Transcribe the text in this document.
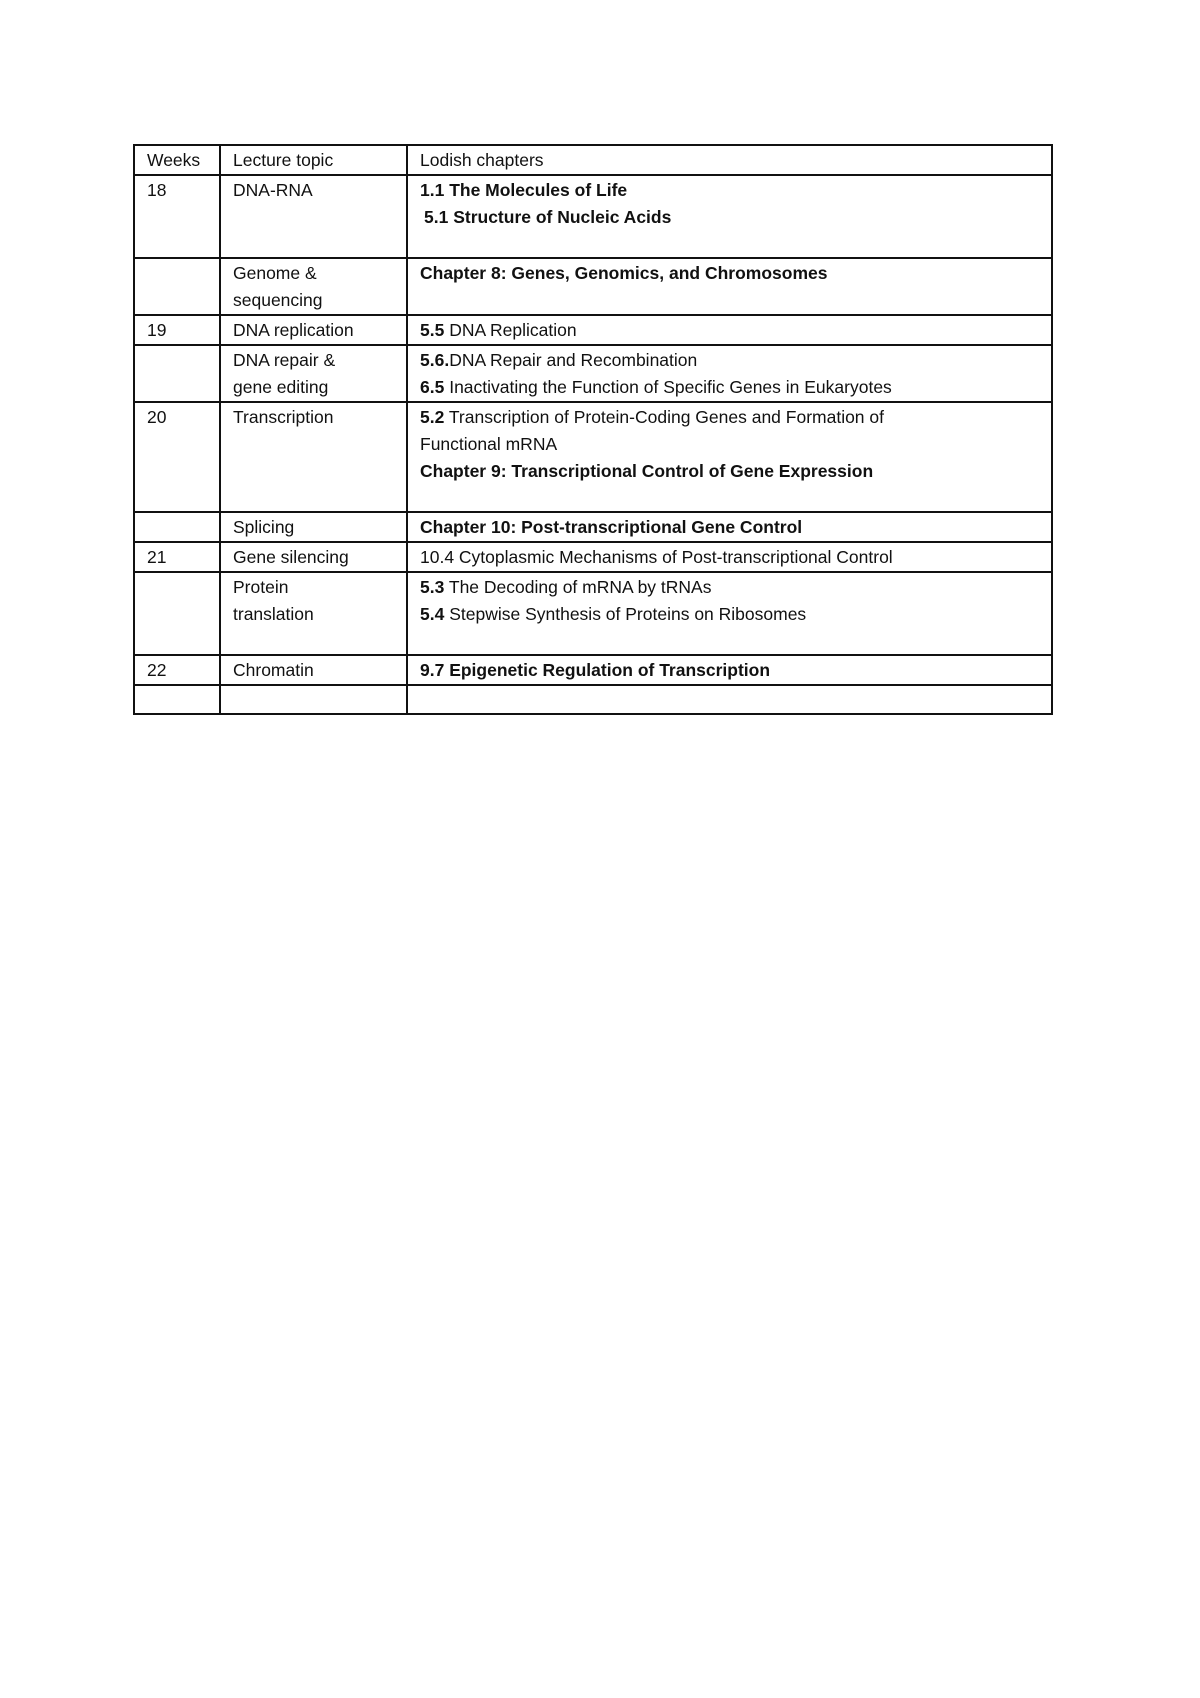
Weeks	Lecture topic	Lodish chapters
18	DNA-RNA	1.1 The Molecules of Life
5.1 Structure of Nucleic Acids

	Genome &
sequencing	Chapter 8: Genes, Genomics, and Chromosomes

19	DNA replication	5.5 DNA Replication

	DNA repair &
gene editing	5.6.DNA Repair and Recombination
6.5 Inactivating the Function of Specific Genes in Eukaryotes

20	Transcription	5.2 Transcription of Protein-Coding Genes and Formation of
Functional mRNA
Chapter 9: Transcriptional Control of Gene Expression

	Splicing	Chapter 10: Post-transcriptional Gene Control

21	Gene silencing	10.4 Cytoplasmic Mechanisms of Post-transcriptional Control

	Protein
translation	5.3 The Decoding of mRNA by tRNAs
5.4 Stepwise Synthesis of Proteins on Ribosomes

22	Chromatin	9.7 Epigenetic Regulation of Transcription
